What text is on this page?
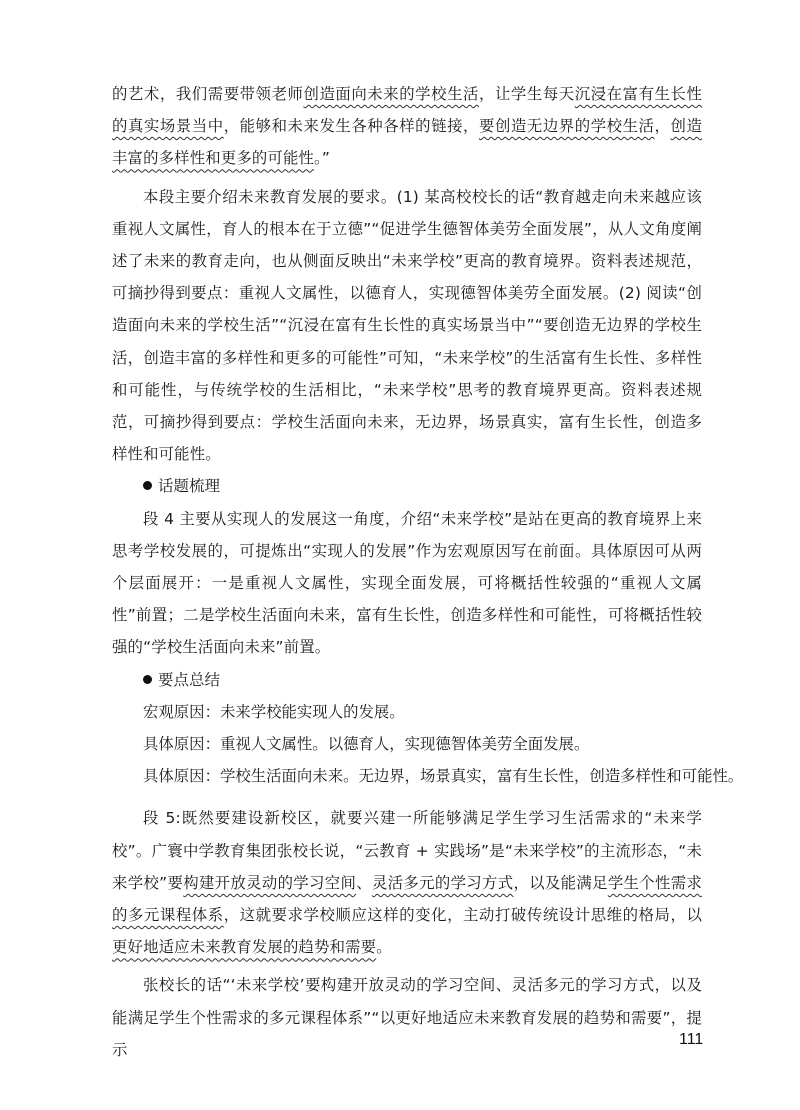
的艺术，我们需要带领老师创造面向未来的学校生活，让学生每天沉浸在富有生长性的真实场景当中，能够和未来发生各种各样的链接，要创造无边界的学校生活，创造丰富的多样性和更多的可能性。”

本段主要介绍未来教育发展的要求。(1) 某高校校长的话“教育越走向未来越应该重视人文属性，育人的根本在于立德”“促进学生德智体美劳全面发展”，从人文角度阐述了未来的教育走向，也从侧面反映出“未来学校”更高的教育境界。资料表述规范，可摘抄得到要点：重视人文属性，以德育人，实现德智体美劳全面发展。(2) 阅读“创造面向未来的学校生活”“沉浸在富有生长性的真实场景当中”“要创造无边界的学校生活，创造丰富的多样性和更多的可能性”可知，“未来学校”的生活富有生长性、多样性和可能性，与传统学校的生活相比，“未来学校”思考的教育境界更高。资料表述规范，可摘抄得到要点：学校生活面向未来，无边界，场景真实，富有生长性，创造多样性和可能性。

话题梳理

段 4 主要从实现人的发展这一角度，介绍“未来学校”是站在更高的教育境界上来思考学校发展的，可提炼出“实现人的发展”作为宏观原因写在前面。具体原因可从两个层面展开：一是重视人文属性，实现全面发展，可将概括性较强的“重视人文属性”前置；二是学校生活面向未来，富有生长性，创造多样性和可能性，可将概括性较强的“学校生活面向未来”前置。

要点总结

宏观原因：未来学校能实现人的发展。

具体原因：重视人文属性。以德育人，实现德智体美劳全面发展。

具体原因：学校生活面向未来。无边界，场景真实，富有生长性，创造多样性和可能性。

段 5:既然要建设新校区，就要兴建一所能够满足学生学习生活需求的“未来学校”。广寰中学教育集团张校长说，“云教育 + 实践场”是“未来学校”的主流形态，“未来学校”要构建开放灵动的学习空间、灵活多元的学习方式，以及能满足学生个性需求的多元课程体系，这就要求学校顺应这样的变化，主动打破传统设计思维的格局，以更好地适应未来教育发展的趋势和需要。

张校长的话“‘未来学校’要构建开放灵动的学习空间、灵活多元的学习方式，以及能满足学生个性需求的多元课程体系”“以更好地适应未来教育发展的趋势和需要”，提示

111
